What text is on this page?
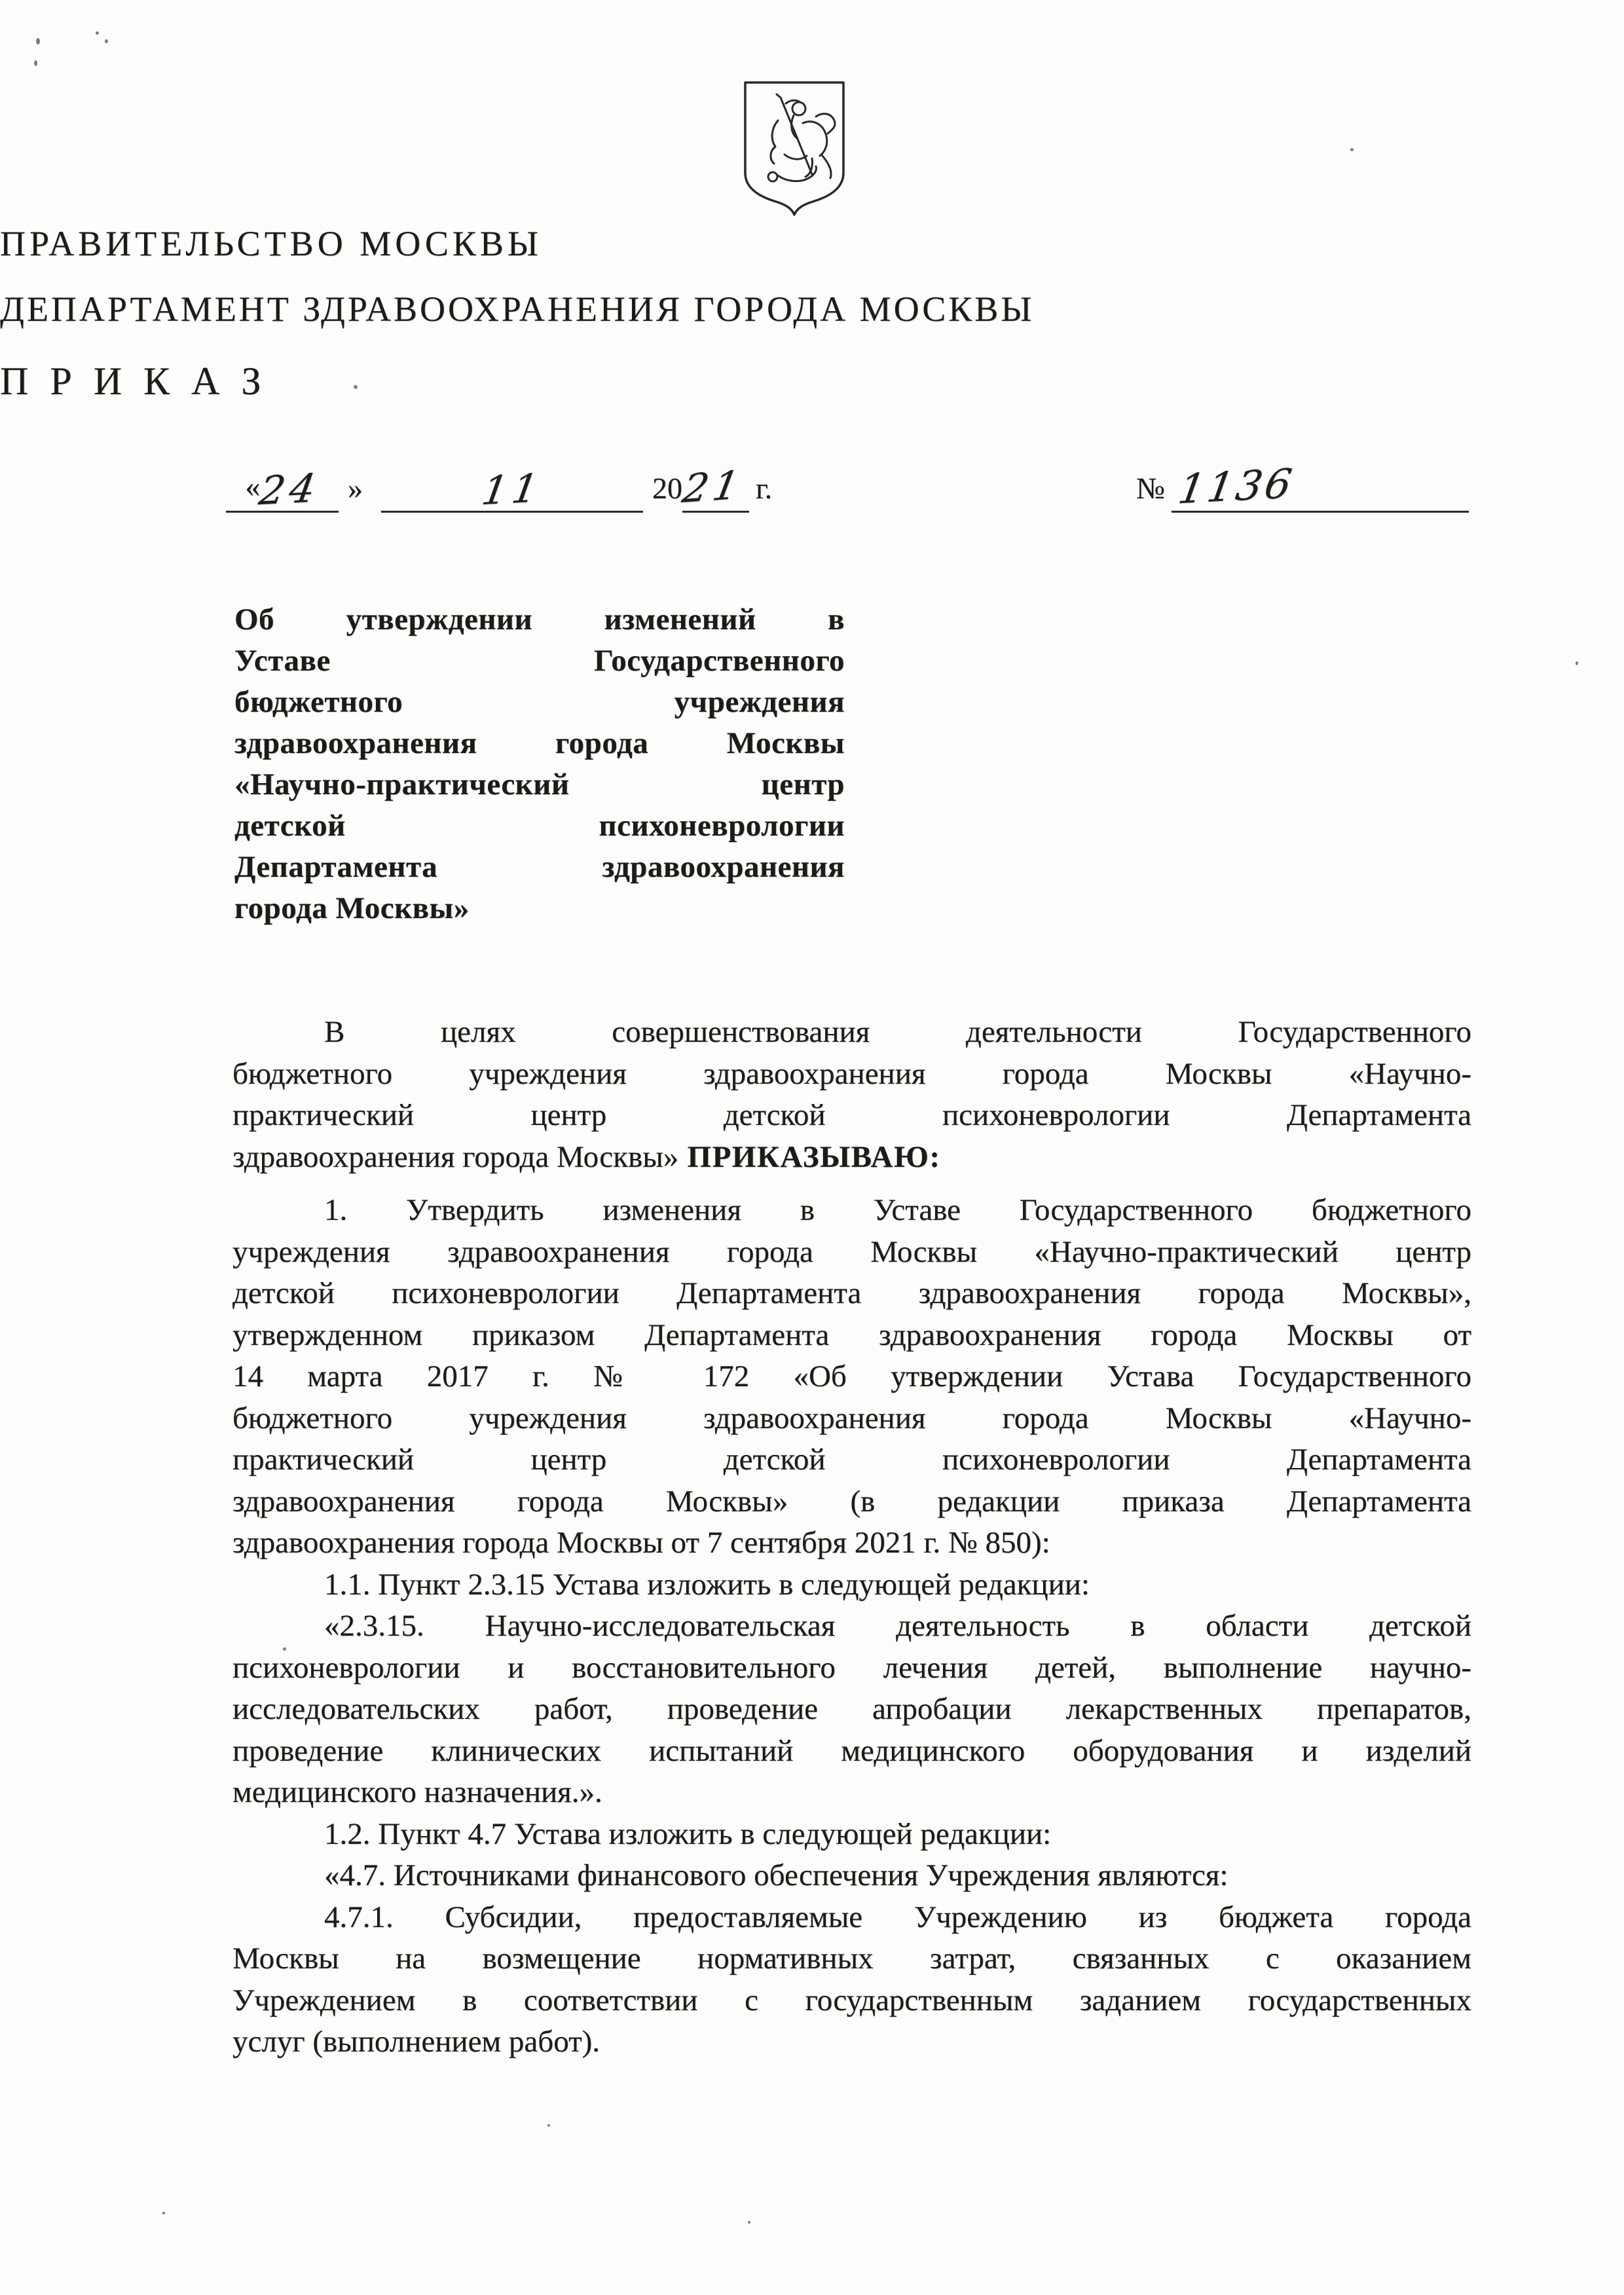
ПРАВИТЕЛЬСТВО МОСКВЫ
ДЕПАРТАМЕНТ ЗДРАВООХРАНЕНИЯ ГОРОДА МОСКВЫ
П Р И К А З
«
24 »	11	20
21 г.	№ 1136
Об утверждении изменений в
Уставе Государственного
бюджетного учреждения
здравоохранения города Москвы
«Научно-практический центр
детской психоневрологии
Департамента здравоохранения
города Москвы»
В целях совершенствования деятельности Государственного
бюджетного учреждения здравоохранения города Москвы «Научно-
практический центр детской психоневрологии Департамента
здравоохранения города Москвы» ПРИКАЗЫВАЮ:
1. Утвердить изменения в Уставе Государственного бюджетного
учреждения здравоохранения города Москвы «Научно-практический центр
детской психоневрологии Департамента здравоохранения города Москвы»,
утвержденном приказом Департамента здравоохранения города Москвы от
14 марта 2017 г. № 172 «Об утверждении Устава Государственного
бюджетного учреждения здравоохранения города Москвы «Научно-
практический центр детской психоневрологии Департамента
здравоохранения города Москвы» (в редакции приказа Департамента
здравоохранения города Москвы от 7 сентября 2021 г. № 850):
1.1. Пункт 2.3.15 Устава изложить в следующей редакции:
«2.3.15. Научно-исследовательская деятельность в области детской
психоневрологии и восстановительного лечения детей, выполнение научно-
исследовательских работ, проведение апробации лекарственных препаратов,
проведение клинических испытаний медицинского оборудования и изделий
медицинского назначения.».
1.2. Пункт 4.7 Устава изложить в следующей редакции:
«4.7. Источниками финансового обеспечения Учреждения являются:
4.7.1. Субсидии, предоставляемые Учреждению из бюджета города
Москвы на возмещение нормативных затрат, связанных с оказанием
Учреждением в соответствии с государственным заданием государственных
услуг (выполнением работ).
